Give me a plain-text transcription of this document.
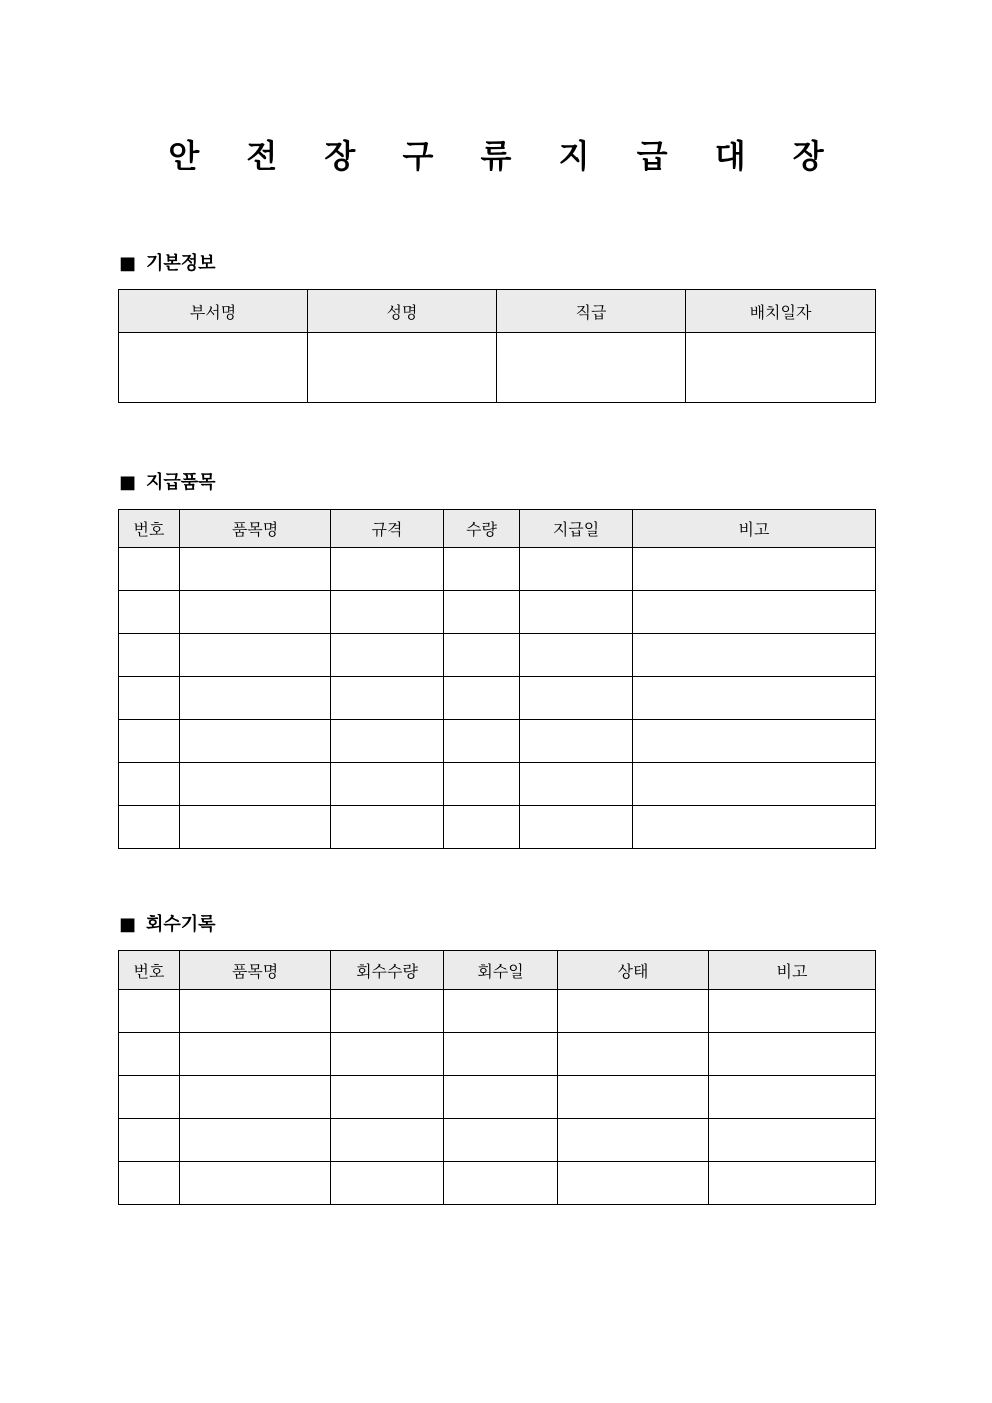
안 전 장 구 류 지 급 대 장
■ 기본정보
부서명	성명	직급	배치일자

■ 지급품목
번호	품목명	규격	수량	지급일	비고

■ 회수기록
번호	품목명	회수수량	회수일	상태	비고
